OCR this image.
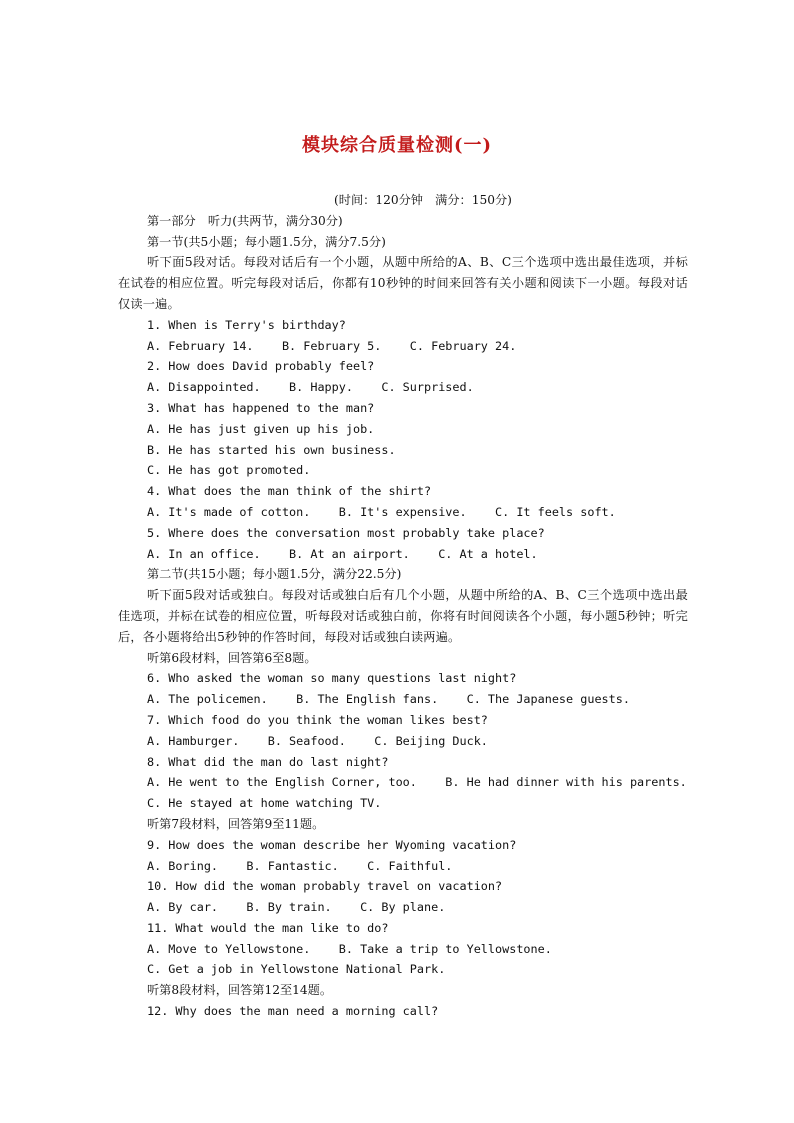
模块综合质量检测(一)
(时间：120分钟　满分：150分)
第一部分　听力(共两节，满分30分)
第一节(共5小题；每小题1.5分，满分7.5分)
听下面5段对话。每段对话后有一个小题，从题中所给的A、B、C三个选项中选出最佳选项，并标在试卷的相应位置。听完每段对话后，你都有10秒钟的时间来回答有关小题和阅读下一小题。每段对话仅读一遍。
1. When is Terry's birthday?
A. February 14.    B. February 5.    C. February 24.
2. How does David probably feel?
A. Disappointed.    B. Happy.    C. Surprised.
3. What has happened to the man?
A. He has just given up his job.
B. He has started his own business.
C. He has got promoted.
4. What does the man think of the shirt?
A. It's made of cotton.    B. It's expensive.    C. It feels soft.
5. Where does the conversation most probably take place?
A. In an office.    B. At an airport.    C. At a hotel.
第二节(共15小题；每小题1.5分，满分22.5分)
听下面5段对话或独白。每段对话或独白后有几个小题，从题中所给的A、B、C三个选项中选出最佳选项，并标在试卷的相应位置，听每段对话或独白前，你将有时间阅读各个小题，每小题5秒钟；听完后，各小题将给出5秒钟的作答时间，每段对话或独白读两遍。
听第6段材料，回答第6至8题。
6. Who asked the woman so many questions last night?
A. The policemen.    B. The English fans.    C. The Japanese guests.
7. Which food do you think the woman likes best?
A. Hamburger.    B. Seafood.    C. Beijing Duck.
8. What did the man do last night?
A. He went to the English Corner, too.    B. He had dinner with his parents.
C. He stayed at home watching TV.
听第7段材料，回答第9至11题。
9. How does the woman describe her Wyoming vacation?
A. Boring.    B. Fantastic.    C. Faithful.
10. How did the woman probably travel on vacation?
A. By car.    B. By train.    C. By plane.
11. What would the man like to do?
A. Move to Yellowstone.    B. Take a trip to Yellowstone.
C. Get a job in Yellowstone National Park.
听第8段材料，回答第12至14题。
12. Why does the man need a morning call?
